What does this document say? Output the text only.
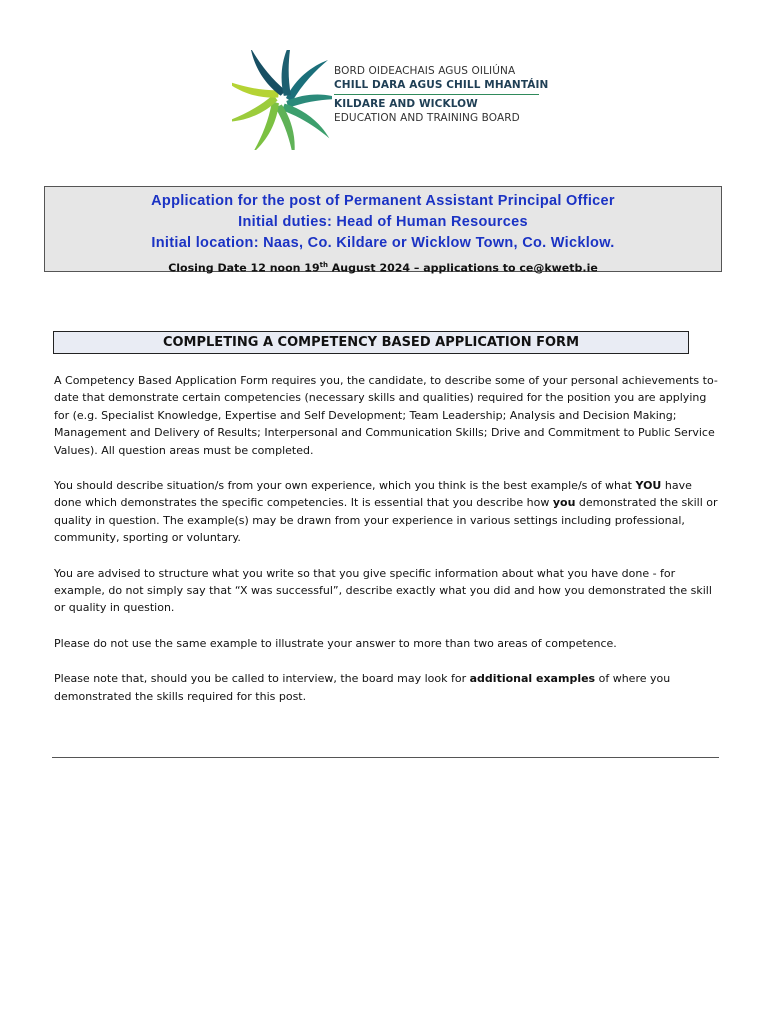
BORD OIDEACHAIS AGUS OILIÚNA
CHILL DARA AGUS CHILL MHANTÁIN
KILDARE AND WICKLOW
EDUCATION AND TRAINING BOARD
Application for the post of Permanent Assistant Principal Officer
Initial duties: Head of Human Resources
Initial location: Naas, Co. Kildare or Wicklow Town, Co. Wicklow.
Closing Date 12 noon 19th August 2024 – applications to ce@kwetb.ie
COMPLETING A COMPETENCY BASED APPLICATION FORM

A Competency Based Application Form requires you, the candidate, to describe some of your personal achievements to-date that demonstrate certain competencies (necessary skills and qualities) required for the position you are applying for (e.g. Specialist Knowledge, Expertise and Self Development; Team Leadership; Analysis and Decision Making; Management and Delivery of Results; Interpersonal and Communication Skills; Drive and Commitment to Public Service Values). All question areas must be completed.

You should describe situation/s from your own experience, which you think is the best example/s of what YOU have done which demonstrates the specific competencies. It is essential that you describe how you demonstrated the skill or quality in question. The example(s) may be drawn from your experience in various settings including professional, community, sporting or voluntary.

You are advised to structure what you write so that you give specific information about what you have done - for example, do not simply say that “X was successful”, describe exactly what you did and how you demonstrated the skill or quality in question.

Please do not use the same example to illustrate your answer to more than two areas of competence.

Please note that, should you be called to interview, the board may look for additional examples of where you demonstrated the skills required for this post.
